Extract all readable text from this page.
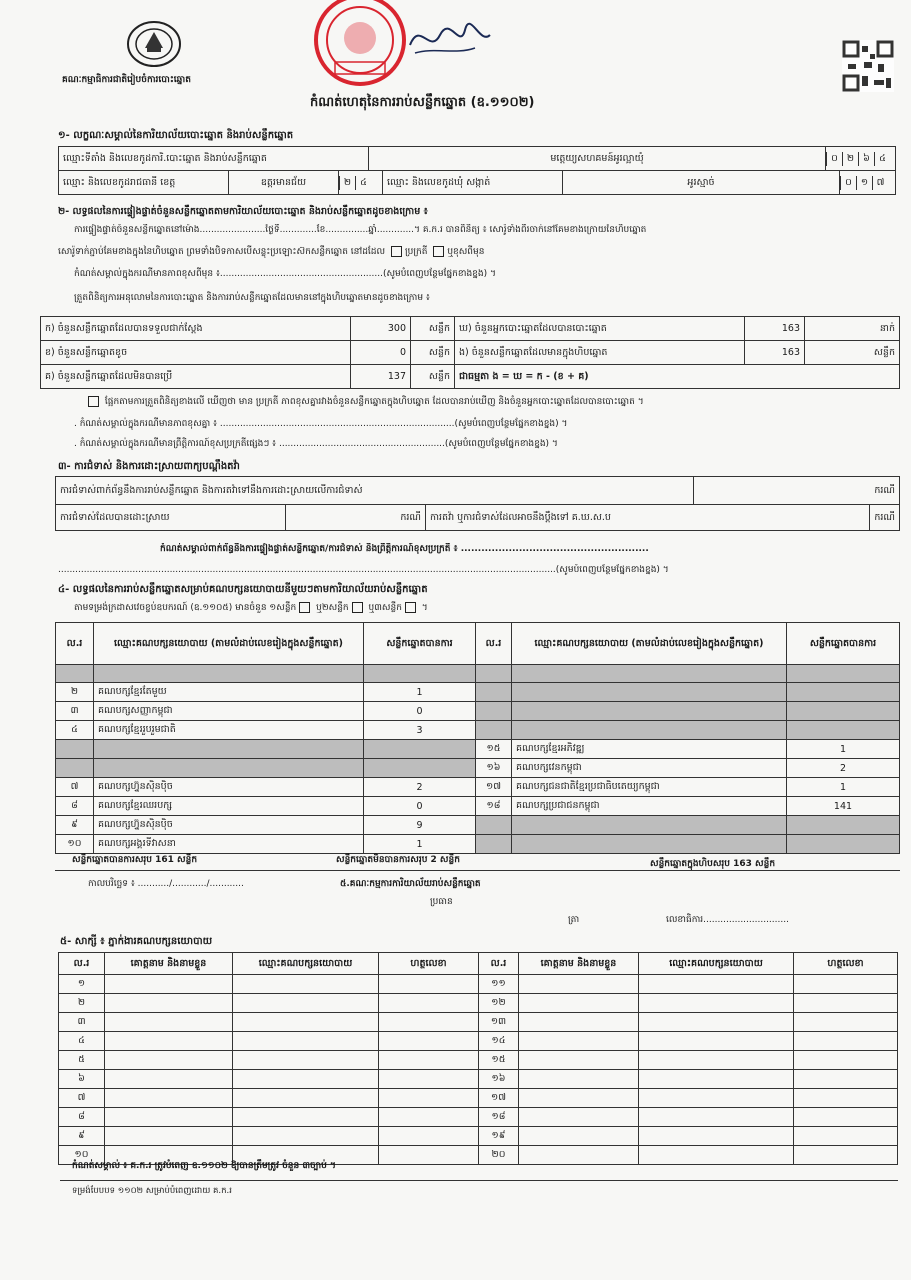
គណៈកម្មាធិការជាតិរៀបចំការបោះឆ្នោត
កំណត់ហេតុនៃការរាប់សន្លឹកឆ្នោត (ឧ.១១០២)
១- លក្ខណៈសម្គាល់នៃការិយាល័យបោះឆ្នោត និងរាប់សន្លឹកឆ្នោត
ឈ្មោះទីតាំង និងលេខកូដការិ.បោះឆ្នោត និងរាប់សន្លឹកឆ្នោត	មត្តេយ្យសហគមន៍អូរល្អាយ៉ំ	០ ២ ៦ ៤
ឈ្មោះ និងលេខកូដរាជធានី ខេត្ត	ឧត្តរមានជ័យ	២ ៤	ឈ្មោះ និងលេខកូដឃុំ សង្កាត់	អូរស្មាច់	០ ១ ៧
២- លទ្ធផលនៃការផ្ទៀងផ្ទាត់ចំនួនសន្លឹកឆ្នោតតាមការិយាល័យបោះឆ្នោត និងរាប់សន្លឹកឆ្នោតដូចខាងក្រោម ៖
ការផ្ទៀងផ្ទាត់ចំនួនសន្លឹកឆ្នោតនៅម៉ោង.......................ថ្ងៃទី.............ខែ...............ឆ្នាំ.............។ គ.ក.រ បានពិនិត្យ ៖ សោរ៉ូទាំងពីរចាក់នៅគែមខាងក្រោយនៃហិបឆ្នោត
សោរ៉ូទាក់ភ្ជាប់គែមខាងក្នុងនៃហិបឆ្នោត ព្រមទាំងបិទកាសបើសន្លុះប្រឡោះស៊កសន្លឹកឆ្នោត នៅដដែល ប្រក្រតី ឬខុសពីមុន
កំណត់សម្គាល់ក្នុងករណីមានភាពខុសពីមុន ៖.........................................................(សូមបំពេញបន្ថែមផ្នែកខាងខ្នង) ។
ត្រួតពិនិត្យការអនុលោមនៃការបោះឆ្នោត និងការរាប់សន្លឹកឆ្នោតដែលមាននៅក្នុងហិបឆ្នោតមានដូចខាងក្រោម ៖
ក) ចំនួនសន្លឹកឆ្នោតដែលបានទទួលជាក់ស្តែង	300	សន្លឹក	ឃ) ចំនួនអ្នកបោះឆ្នោតដែលបានបោះឆ្នោត	163	នាក់
ខ) ចំនួនសន្លឹកឆ្នោតខូច	0	សន្លឹក	ង) ចំនួនសន្លឹកឆ្នោតដែលមានក្នុងហិបឆ្នោត	163	សន្លឹក
គ) ចំនួនសន្លឹកឆ្នោតដែលមិនបានប្រើ	137	សន្លឹក	ជាធម្មតា ង = ឃ = ក - (ខ + គ)		
ផ្អែកតាមការត្រួតពិនិត្យខាងលើ ឃើញថា មាន ប្រក្រតី ភាពខុសគ្នារវាងចំនួនសន្លឹកឆ្នោតក្នុងហិបឆ្នោត ដែលបានរាប់ឃើញ និងចំនួនអ្នកបោះឆ្នោតដែលបានបោះឆ្នោត ។
. កំណត់សម្គាល់ក្នុងករណីមានភាពខុសគ្នា ៖ ..................................................................................(សូមបំពេញបន្ថែមផ្នែកខាងខ្នង) ។
. កំណត់សម្គាល់ក្នុងករណីមានព្រឹត្តិការណ៍ខុសប្រក្រតីផ្សេងៗ ៖ ..........................................................(សូមបំពេញបន្ថែមផ្នែកខាងខ្នង) ។
៣- ការជំទាស់ និងការដោះស្រាយពាក្យបណ្តឹងតវ៉ា
ការជំទាស់ពាក់ព័ន្ធនឹងការរាប់សន្លឹកឆ្នោត និងការតវ៉ាទៅនឹងការដោះស្រាយលើការជំទាស់			ករណី	
ការជំទាស់ដែលបានដោះស្រាយ	ករណី	ការតវ៉ា ឬការជំទាស់ដែលអាចនឹងប្តឹងទៅ គ.ឃ.ស.ប		ករណី
កំណត់សម្គាល់ពាក់ព័ន្ធនឹងការផ្ទៀងផ្ទាត់សន្លឹកឆ្នោត/ការជំទាស់ និងព្រឹត្តិការណ៍ខុសប្រក្រតី ៖ .......................................................
..............................................................................................................................................................................(សូមបំពេញបន្ថែមផ្នែកខាងខ្នង) ។
៤- លទ្ធផលនៃការរាប់សន្លឹកឆ្នោតសម្រាប់គណបក្សនយោបាយនីមួយៗតាមការិយាល័យរាប់សន្លឹកឆ្នោត
តាមទម្រង់ក្រដាសវេចខ្ចប់ឧបករណ៍ (ឧ.១១០៥) មានចំនួន ១សន្លឹក ឬ២សន្លឹក ឬ៣សន្លឹក ។
ល.រ	ឈ្មោះគណបក្សនយោបាយ (តាមលំដាប់លេខរៀងក្នុងសន្លឹកឆ្នោត)	សន្លឹកឆ្នោតបានការ	ល.រ	ឈ្មោះគណបក្សនយោបាយ (តាមលំដាប់លេខរៀងក្នុងសន្លឹកឆ្នោត)	សន្លឹកឆ្នោតបានការ

២	គណបក្សខ្មែរតែមួយ	1			
៣	គណបក្សសញ្ញាកម្ពុជា	0			
៤	គណបក្សខ្មែររួបរួមជាតិ	3			
			១៥	គណបក្សខ្មែរអភិវឌ្ឍ	1
			១៦	គណបក្សវេនកម្ពុជា	2
៧	គណបក្សហ្វ៊ុនស៊ិនប៉ិច	2	១៧	គណបក្សជនជាតិខ្មែរប្រជាធិបតេយ្យកម្ពុជា	1
៨	គណបក្សខ្មែរឈរបក្ស	0	១៨	គណបក្សប្រជាជនកម្ពុជា	141
៩	គណបក្សហ្វ៊ុនស៊ិនប៉ិច	9			
១០	គណបក្សអង្គរទីវាសនា	1			
សន្លឹកឆ្នោតបានការសរុប 161 សន្លឹក	សន្លឹកឆ្នោតមិនបានការសរុប 2 សន្លឹក	សន្លឹកឆ្នោតក្នុងហិបសរុប 163 សន្លឹក
កាលបរិច្ឆេទ ៖ .........../............/............	៥.គណៈកម្មការការិយាល័យរាប់សន្លឹកឆ្នោត
ប្រធាន
ត្រា	លេខាធិការ..............................
៥- សាក្សី ៖ ភ្នាក់ងារគណបក្សនយោបាយ
ល.រ	គោត្តនាម និងនាមខ្លួន	ឈ្មោះគណបក្សនយោបាយ	ហត្ថលេខា	ល.រ	គោត្តនាម និងនាមខ្លួន	ឈ្មោះគណបក្សនយោបាយ	ហត្ថលេខា
១				១១			
២				១២			
៣				១៣			
៤				១៤			
៥				១៥			
៦				១៦			
៧				១៧			
៨				១៨			
៩				១៩			
១០				២០			
កំណត់សម្គាល់ ៖ គ.ក.រ ត្រូវបំពេញ ឧ.១១០២ ឱ្យបានត្រឹមត្រូវ ចំនួន ៣ច្បាប់ ។
ទម្រង់បែបបទ ១១០២ សម្រាប់បំពេញដោយ គ.ក.រ
